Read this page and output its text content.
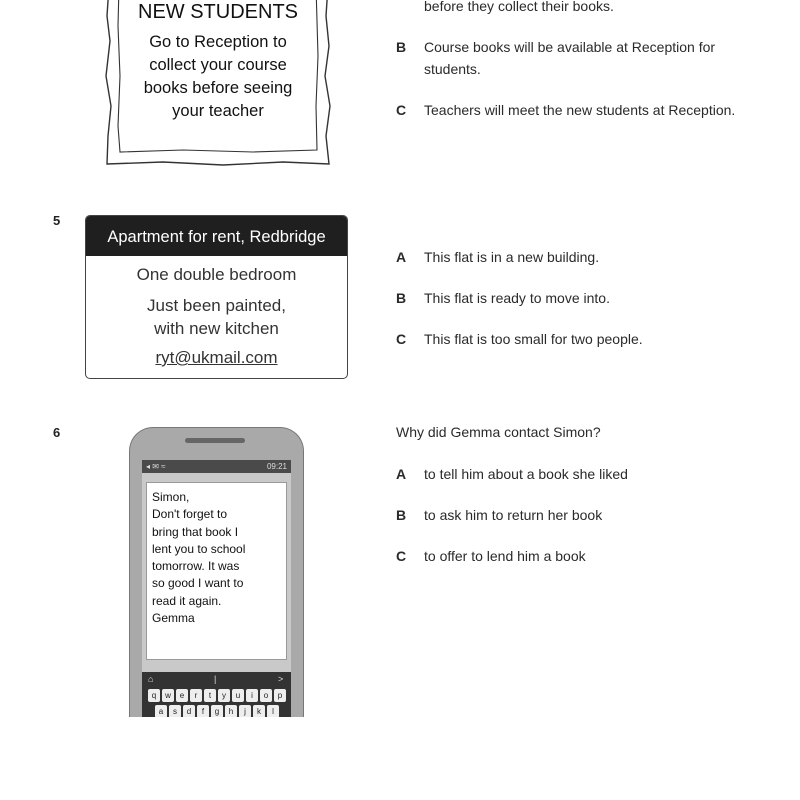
NEW STUDENTS
Go to Reception to
collect your course
books before seeing
your teacher
before they collect their books.
B Course books will be available at Reception for students.
C Teachers will meet the new students at Reception.
5
Apartment for rent, Redbridge
One double bedroom
Just been painted,
with new kitchen
ryt@ukmail.com
A This flat is in a new building.
B This flat is ready to move into.
C This flat is too small for two people.
6
◂ ✉ ≈	09:21
Simon,
Don't forget to
bring that book I
lent you to school
tomorrow. It was
so good I want to
read it again.
Gemma
⌂	|	>
q	w	e	r	t	y	u	i	o	p
a	s	d	f	g	h	j	k	l
Why did Gemma contact Simon?
A to tell him about a book she liked
B to ask him to return her book
C to offer to lend him a book
